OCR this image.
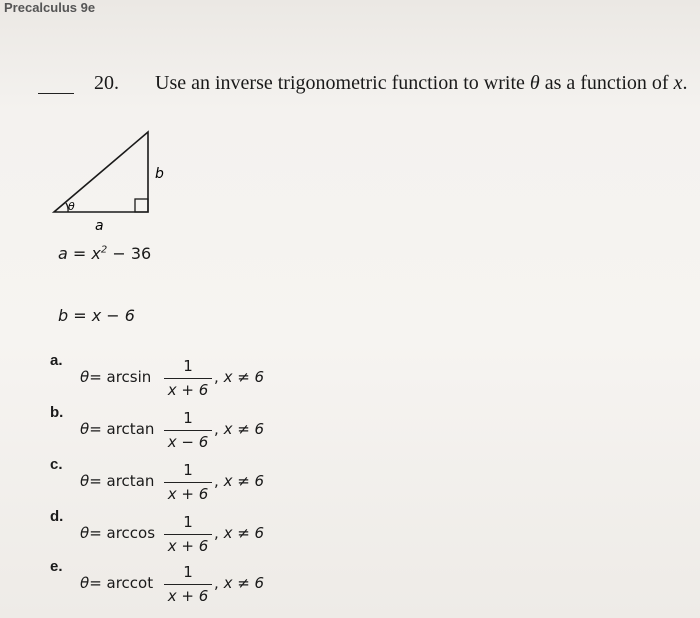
Precalculus 9e
20. Use an inverse trigonometric function to write θ as a function of x.
θ
a
b
$a = x^2 - 36$
b = x − 6
a.
θ= arcsin
1
x + 6
, x ≠ 6
b.
θ= arctan
1
x − 6
, x ≠ 6
c.
θ= arctan
1
x + 6
, x ≠ 6
d.
θ= arccos
1
x + 6
, x ≠ 6
e.
θ= arccot
1
x + 6
, x ≠ 6
